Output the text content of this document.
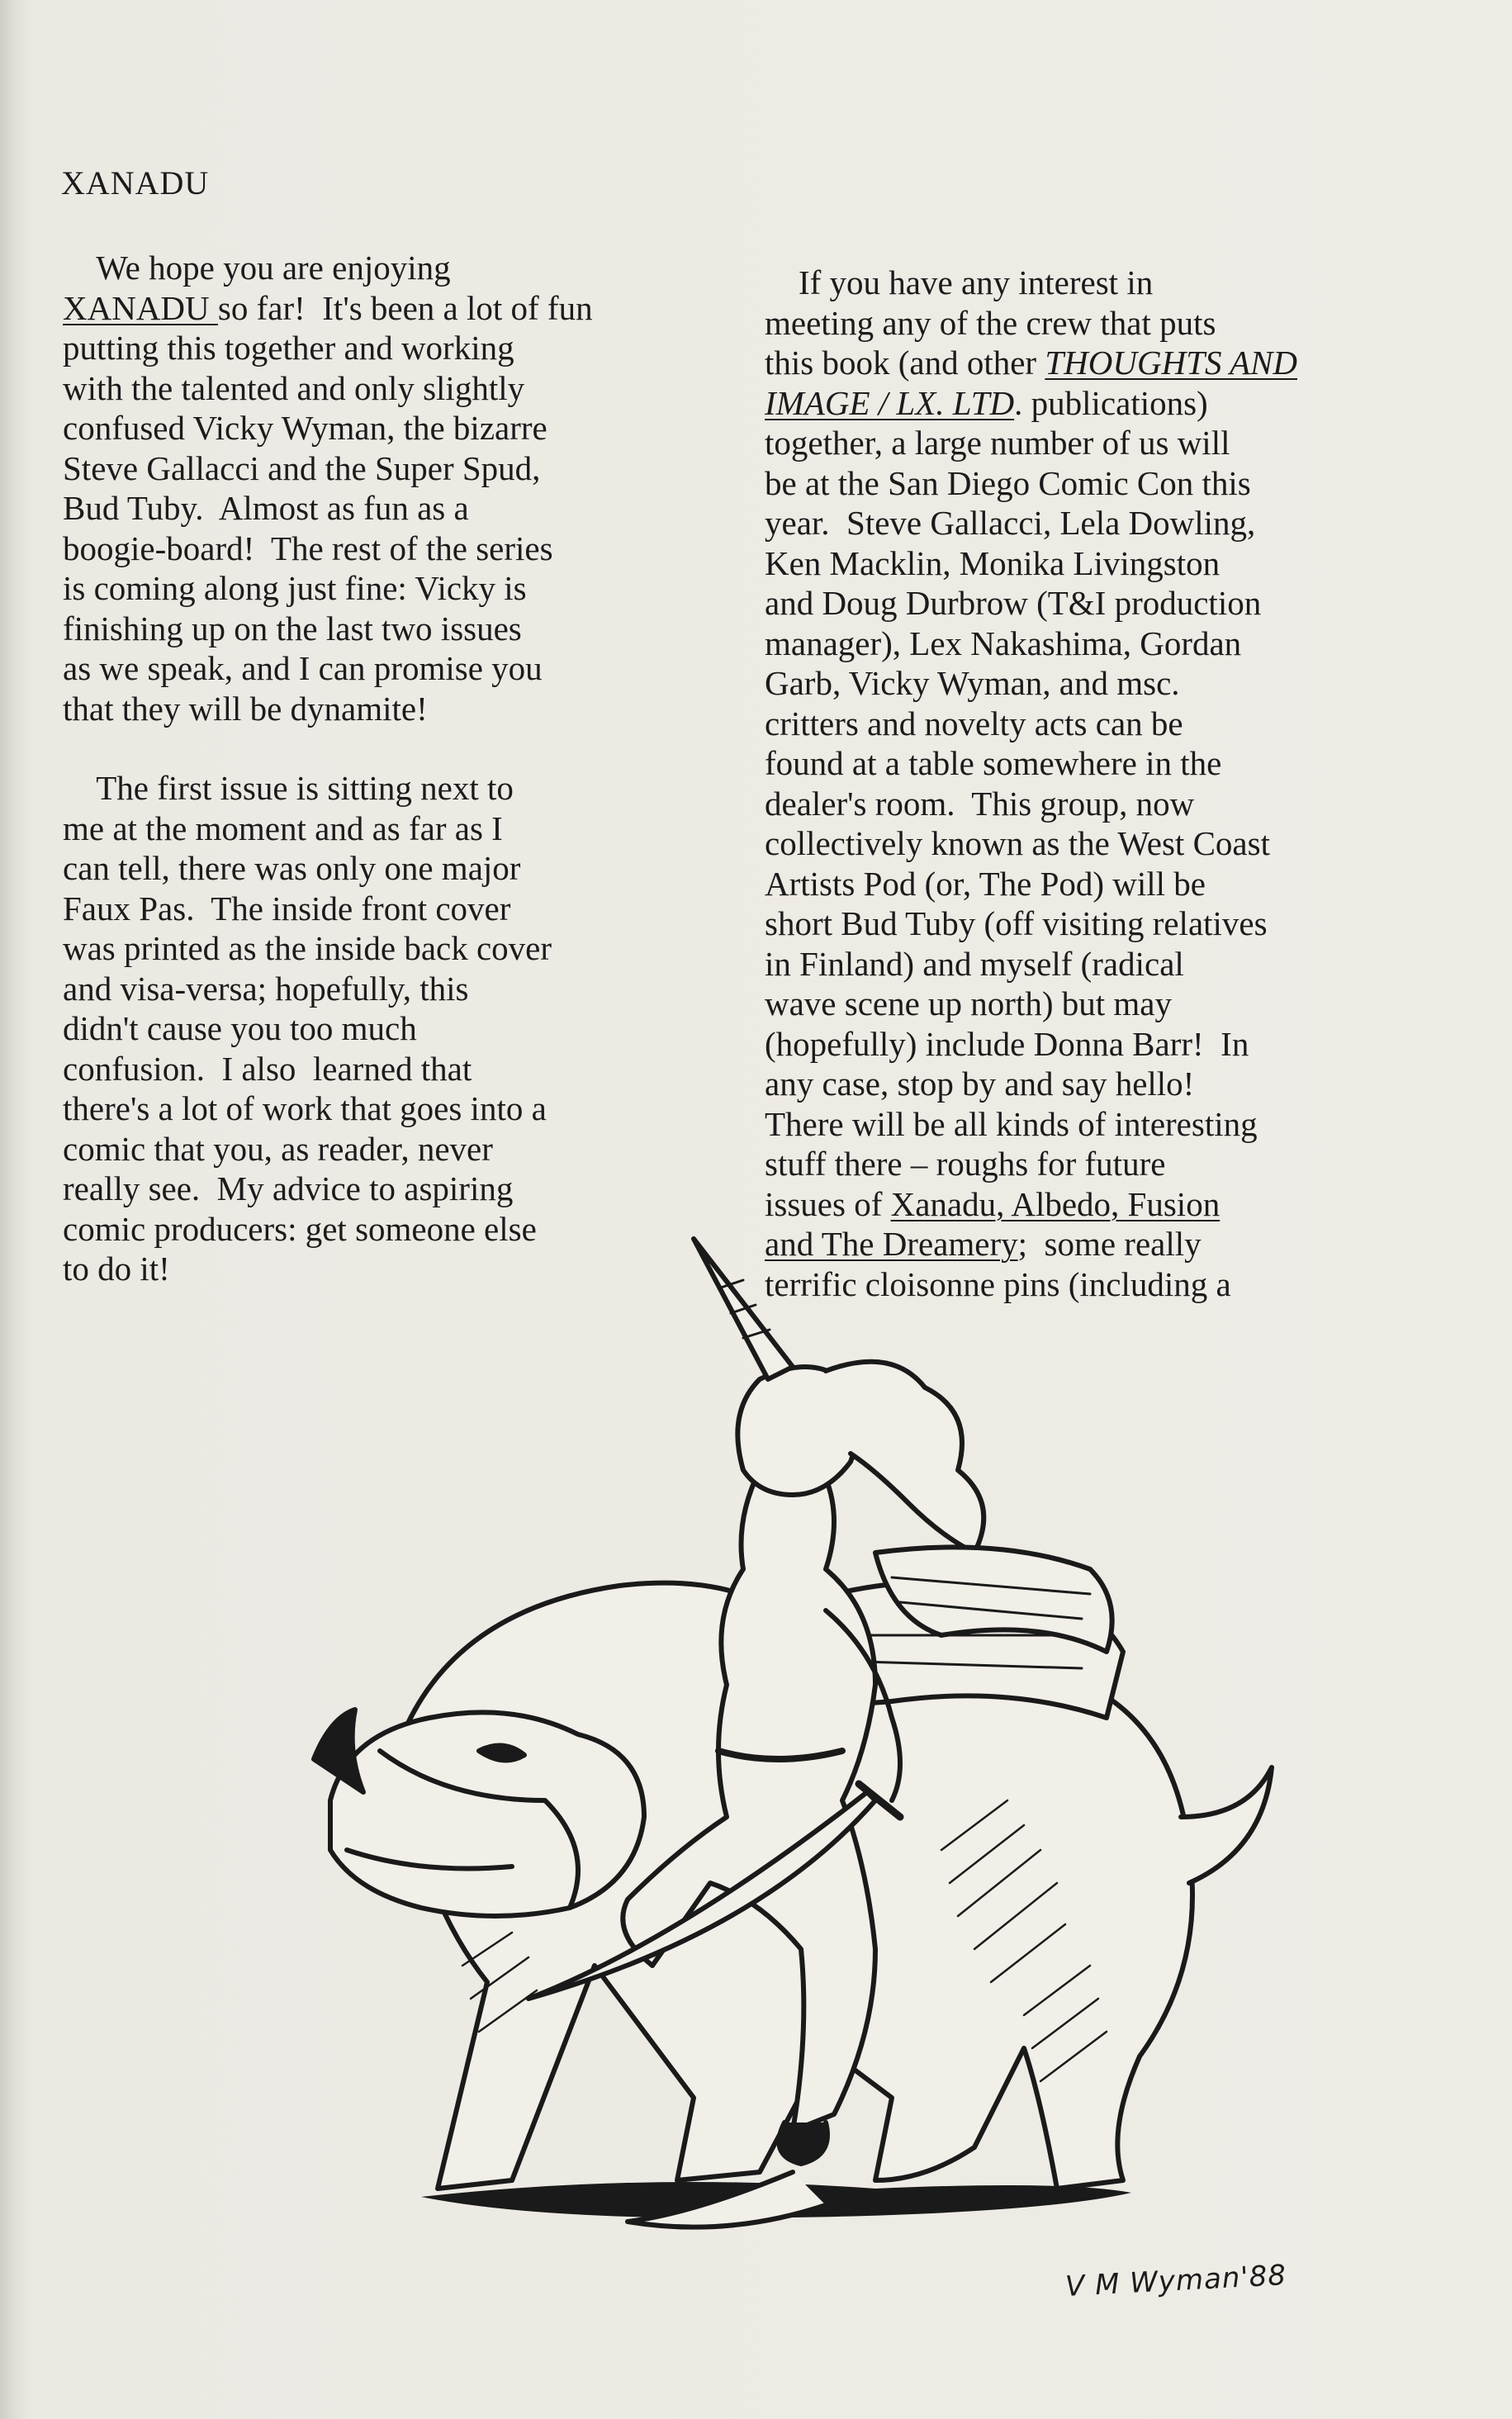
XANADU
We hope you are enjoying
XANADU so far!  It's been a lot of fun
putting this together and working
with the talented and only slightly
confused Vicky Wyman, the bizarre
Steve Gallacci and the Super Spud,
Bud Tuby.  Almost as fun as a
boogie-board!  The rest of the series
is coming along just fine: Vicky is
finishing up on the last two issues
as we speak, and I can promise you
that they will be dynamite!
The first issue is sitting next to
me at the moment and as far as I
can tell, there was only one major
Faux Pas.  The inside front cover
was printed as the inside back cover
and visa-versa; hopefully, this
didn't cause you too much
confusion.  I also  learned that
there's a lot of work that goes into a
comic that you, as reader, never
really see.  My advice to aspiring
comic producers: get someone else
to do it!
If you have any interest in
meeting any of the crew that puts
this book (and other THOUGHTS AND
IMAGE / LX. LTD. publications)
together, a large number of us will
be at the San Diego Comic Con this
year.  Steve Gallacci, Lela Dowling,
Ken Macklin, Monika Livingston
and Doug Durbrow (T&I production
manager), Lex Nakashima, Gordan
Garb, Vicky Wyman, and msc.
critters and novelty acts can be
found at a table somewhere in the
dealer's room.  This group, now
collectively known as the West Coast
Artists Pod (or, The Pod) will be
short Bud Tuby (off visiting relatives
in Finland) and myself (radical
wave scene up north) but may
(hopefully) include Donna Barr!  In
any case, stop by and say hello!
There will be all kinds of interesting
stuff there – roughs for future
issues of Xanadu, Albedo, Fusion
and The Dreamery;  some really
terrific cloisonne pins (including a
V M Wyman'88
